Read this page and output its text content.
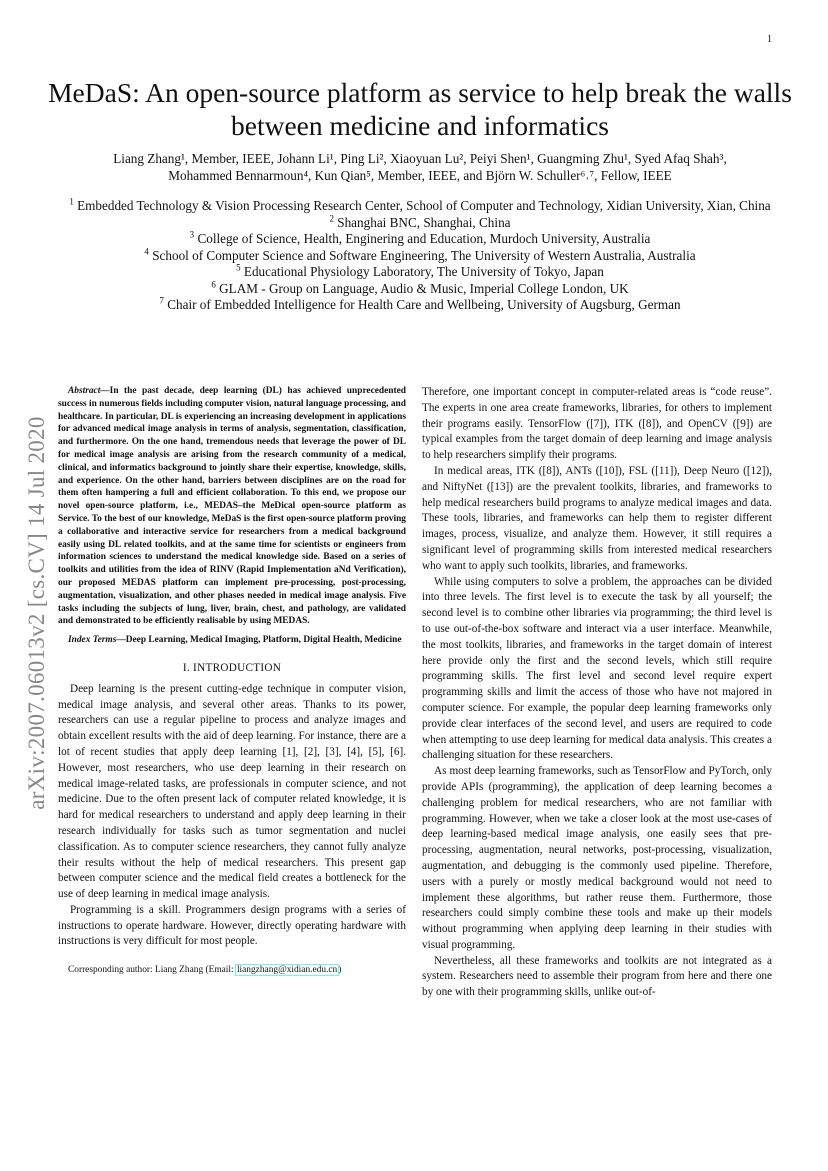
1
MeDaS: An open-source platform as service to help break the walls between medicine and informatics
Liang Zhang¹, Member, IEEE, Johann Li¹, Ping Li², Xiaoyuan Lu², Peiyi Shen¹, Guangming Zhu¹, Syed Afaq Shah³,
Mohammed Bennarmoun⁴, Kun Qian⁵, Member, IEEE, and Björn W. Schuller⁶˒⁷, Fellow, IEEE
$^1$ Embedded Technology & Vision Processing Research Center, School of Computer and Technology, Xidian University, Xian, China
$^2$ Shanghai BNC, Shanghai, China
$^3$ College of Science, Health, Enginering and Education, Murdoch University, Australia
$^4$ School of Computer Science and Software Engineering, The University of Western Australia, Australia
$^5$ Educational Physiology Laboratory, The University of Tokyo, Japan
$^6$ GLAM - Group on Language, Audio & Music, Imperial College London, UK
$^7$ Chair of Embedded Intelligence for Health Care and Wellbeing, University of Augsburg, German
arXiv:2007.06013v2 [cs.CV] 14 Jul 2020
Abstract—In the past decade, deep learning (DL) has achieved unprecedented success in numerous fields including computer vision, natural language processing, and healthcare. In particular, DL is experiencing an increasing development in applications for advanced medical image analysis in terms of analysis, segmentation, classification, and furthermore. On the one hand, tremendous needs that leverage the power of DL for medical image analysis are arising from the research community of a medical, clinical, and informatics background to jointly share their expertise, knowledge, skills, and experience. On the other hand, barriers between disciplines are on the road for them often hampering a full and efficient collaboration. To this end, we propose our novel open-source platform, i.e., MEDAS–the MeDical open-source platform as Service. To the best of our knowledge, MeDaS is the first open-source platform proving a collaborative and interactive service for researchers from a medical background easily using DL related toolkits, and at the same time for scientists or engineers from information sciences to understand the medical knowledge side. Based on a series of toolkits and utilities from the idea of RINV (Rapid Implementation aNd Verification), our proposed MEDAS platform can implement pre-processing, post-processing, augmentation, visualization, and other phases needed in medical image analysis. Five tasks including the subjects of lung, liver, brain, chest, and pathology, are validated and demonstrated to be efficiently realisable by using MEDAS.
Index Terms—Deep Learning, Medical Imaging, Platform, Digital Health, Medicine
I. INTRODUCTION

Deep learning is the present cutting-edge technique in computer vision, medical image analysis, and several other areas. Thanks to its power, researchers can use a regular pipeline to process and analyze images and obtain excellent results with the aid of deep learning. For instance, there are a lot of recent studies that apply deep learning [1], [2], [3], [4], [5], [6]. However, most researchers, who use deep learning in their research on medical image-related tasks, are professionals in computer science, and not medicine. Due to the often present lack of computer related knowledge, it is hard for medical researchers to understand and apply deep learning in their research individually for tasks such as tumor segmentation and nuclei classification. As to computer science researchers, they cannot fully analyze their results without the help of medical researchers. This present gap between computer science and the medical field creates a bottleneck for the use of deep learning in medical image analysis.

Programming is a skill. Programmers design programs with a series of instructions to operate hardware. However, directly operating hardware with instructions is very difficult for most people.

Corresponding author: Liang Zhang (Email: liangzhang@xidian.edu.cn)

Therefore, one important concept in computer-related areas is “code reuse”. The experts in one area create frameworks, libraries, for others to implement their programs easily. TensorFlow ([7]), ITK ([8]), and OpenCV ([9]) are typical examples from the target domain of deep learning and image analysis to help researchers simplify their programs.

In medical areas, ITK ([8]), ANTs ([10]), FSL ([11]), Deep Neuro ([12]), and NiftyNet ([13]) are the prevalent toolkits, libraries, and frameworks to help medical researchers build programs to analyze medical images and data. These tools, libraries, and frameworks can help them to register different images, process, visualize, and analyze them. However, it still requires a significant level of programming skills from interested medical researchers who want to apply such toolkits, libraries, and frameworks.

While using computers to solve a problem, the approaches can be divided into three levels. The first level is to execute the task by all yourself; the second level is to combine other libraries via programming; the third level is to use out-of-the-box software and interact via a user interface. Meanwhile, the most toolkits, libraries, and frameworks in the target domain of interest here provide only the first and the second levels, which still require programming skills. The first level and second level require expert programming skills and limit the access of those who have not majored in computer science. For example, the popular deep learning frameworks only provide clear interfaces of the second level, and users are required to code when attempting to use deep learning for medical data analysis. This creates a challenging situation for these researchers.

As most deep learning frameworks, such as TensorFlow and PyTorch, only provide APIs (programming), the application of deep learning becomes a challenging problem for medical researchers, who are not familiar with programming. However, when we take a closer look at the most use-cases of deep learning-based medical image analysis, one easily sees that pre-processing, augmentation, neural networks, post-processing, visualization, augmentation, and debugging is the commonly used pipeline. Therefore, users with a purely or mostly medical background would not need to implement these algorithms, but rather reuse them. Furthermore, those researchers could simply combine these tools and make up their models without programming when applying deep learning in their studies with visual programming.

Nevertheless, all these frameworks and toolkits are not integrated as a system. Researchers need to assemble their program from here and there one by one with their programming skills, unlike out-of-
